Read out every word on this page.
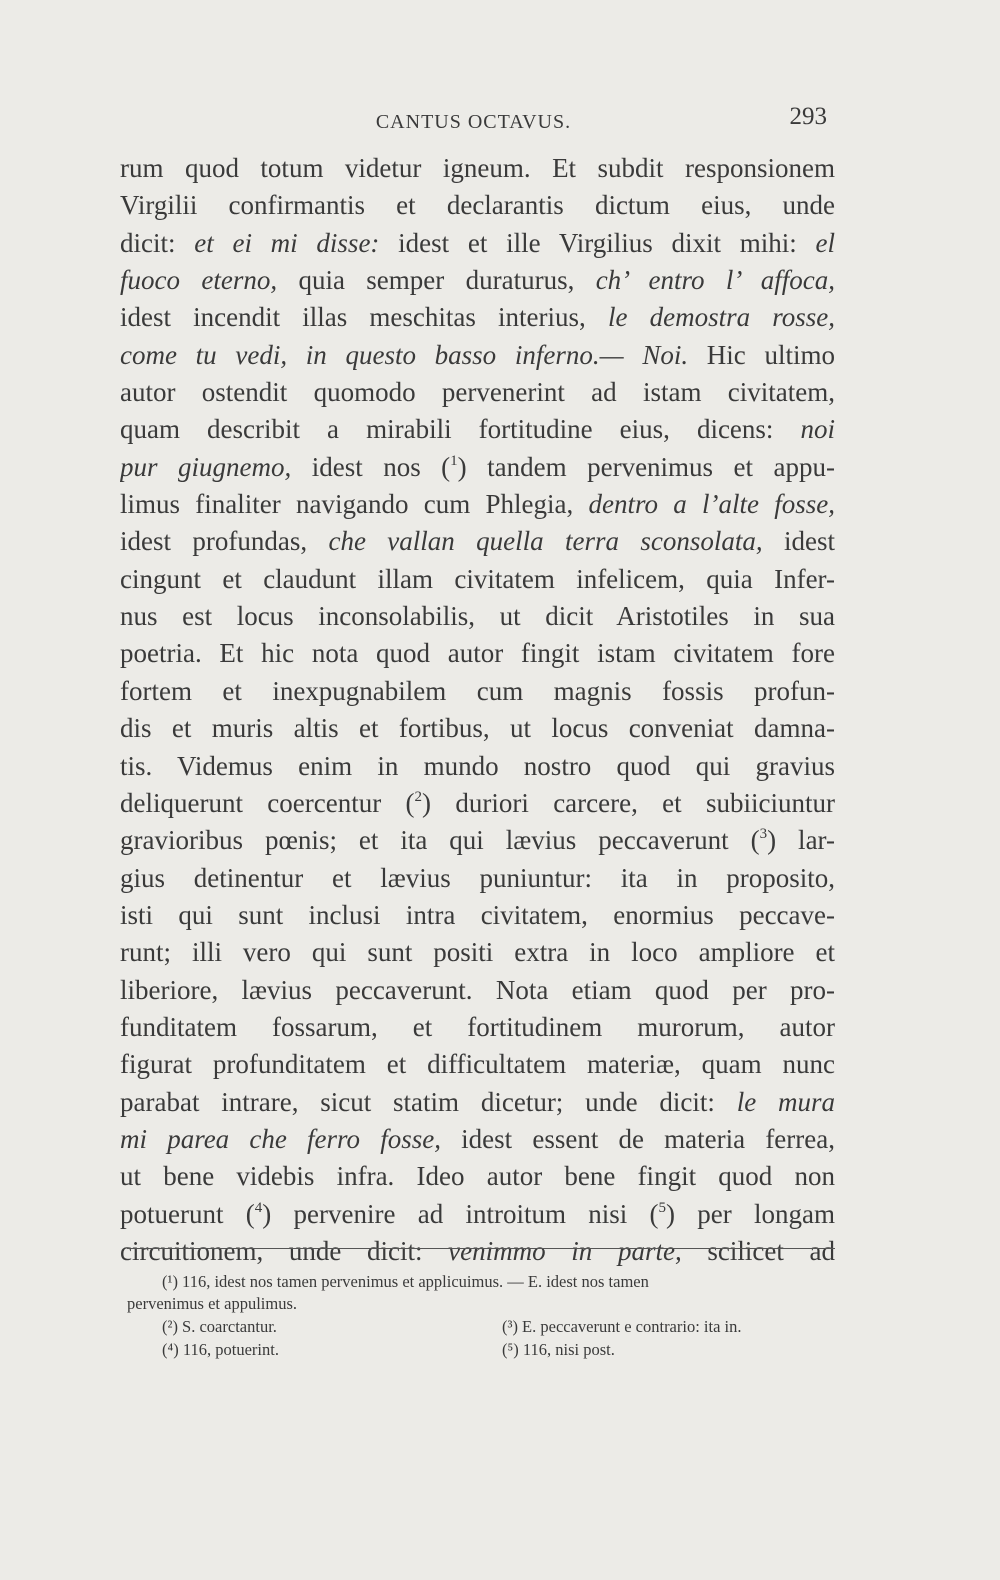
CANTUS OCTAVUS.	293
rum quod totum videtur igneum. Et subdit responsionem
Virgilii confirmantis et declarantis dictum eius, unde
dicit: et ei mi disse: idest et ille Virgilius dixit mihi: el
fuoco eterno, quia semper duraturus, ch’ entro l’ affoca,
idest incendit illas meschitas interius, le demostra rosse,
come tu vedi, in questo basso inferno.— Noi. Hic ultimo
autor ostendit quomodo pervenerint ad istam civitatem,
quam describit a mirabili fortitudine eius, dicens: noi
pur giugnemo, idest nos ($^1$) tandem pervenimus et appu-
limus finaliter navigando cum Phlegia, dentro a l’alte fosse,
idest profundas, che vallan quella terra sconsolata, idest
cingunt et claudunt illam civitatem infelicem, quia Infer-
nus est locus inconsolabilis, ut dicit Aristotiles in sua
poetria. Et hic nota quod autor fingit istam civitatem fore
fortem et inexpugnabilem cum magnis fossis profun-
dis et muris altis et fortibus, ut locus conveniat damna-
tis. Videmus enim in mundo nostro quod qui gravius
deliquerunt coercentur ($^2$) duriori carcere, et subiiciuntur
gravioribus pœnis; et ita qui lævius peccaverunt ($^3$) lar-
gius detinentur et lævius puniuntur: ita in proposito,
isti qui sunt inclusi intra civitatem, enormius peccave-
runt; illi vero qui sunt positi extra in loco ampliore et
liberiore, lævius peccaverunt. Nota etiam quod per pro-
funditatem fossarum, et fortitudinem murorum, autor
figurat profunditatem et difficultatem materiæ, quam nunc
parabat intrare, sicut statim dicetur; unde dicit: le mura
mi parea che ferro fosse, idest essent de materia ferrea,
ut bene videbis infra. Ideo autor bene fingit quod non
potuerunt ($^4$) pervenire ad introitum nisi ($^5$) per longam
circuitionem, unde dicit: venimmo in parte, scilicet ad
(¹) 116, idest nos tamen pervenimus et applicuimus. — E. idest nos tamen
pervenimus et appulimus.
(²) S. coarctantur.	(³) E. peccaverunt e contrario: ita in.
(⁴) 116, potuerint.	(⁵) 116, nisi post.
